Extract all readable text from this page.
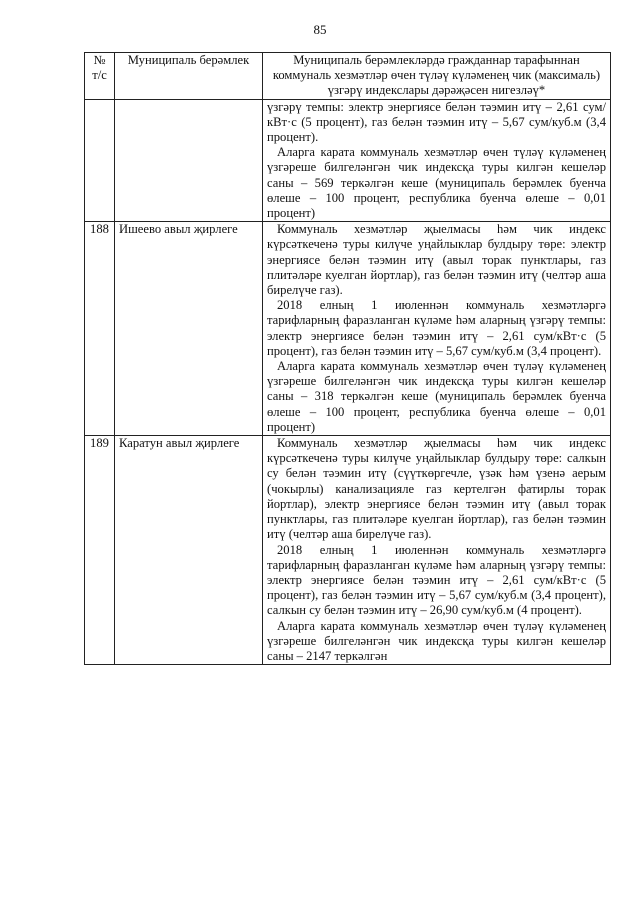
85
№ т/с	Муниципаль берәмлек	Муниципаль берәмлекләрдә гражданнар тарафыннан коммуналь хезмәтләр өчен түләү күләменең чик (максималь) үзгәрү индекслары дәрәҗәсен нигезләү*

		үзгәрү темпы: электр энергиясе белән тәэмин итү – 2,61 сум/кВт·с (5 процент), газ белән тәэмин итү – 5,67 сум/куб.м (3,4 процент).

Аларга карата коммуналь хезмәтләр өчен түләү күләменең үзгәреше билгеләнгән чик индексқа туры килгән кешеләр саны – 569 теркәлгән кеше (муниципаль берәмлек буенча өлеше – 100 процент, республика буенча өлеше – 0,01 процент)

188	Ишеево авыл җирлеге	Коммуналь хезмәтләр җыелмасы һәм чик индекс күрсәткеченә туры килүче уңайлыклар булдыру төре: электр энергиясе белән тәэмин итү (авыл торак пунктлары, газ плитәләре куелган йортлар), газ белән тәэмин итү (челтәр аша бирелүче газ).

2018 елның 1 июленнән коммуналь хезмәтләргә тарифларның фаразланган күләме һәм аларның үзгәрү темпы: электр энергиясе белән тәэмин итү – 2,61 сум/кВт·с (5 процент), газ белән тәэмин итү – 5,67 сум/куб.м (3,4 процент).

Аларга карата коммуналь хезмәтләр өчен түләү күләменең үзгәреше билгеләнгән чик индексқа туры килгән кешеләр саны – 318 теркәлгән кеше (муниципаль берәмлек буенча өлеше – 100 процент, республика буенча өлеше – 0,01 процент)

189	Каратун авыл җирлеге	Коммуналь хезмәтләр җыелмасы һәм чик индекс күрсәткеченә туры килүче уңайлыклар булдыру төре: салкын су белән тәэмин итү (сүүткөргечле, үзәк һәм үзенә аерым (чокырлы) канализацияле газ кертелгән фатирлы торак йортлар), электр энергиясе белән тәэмин итү (авыл торак пунктлары, газ плитәләре куелган йортлар), газ белән тәэмин итү (челтәр аша бирелүче газ).

2018 елның 1 июленнән коммуналь хезмәтләргә тарифларның фаразланган күләме һәм аларның үзгәрү темпы: электр энергиясе белән тәэмин итү – 2,61 сум/кВт·с (5 процент), газ белән тәэмин итү – 5,67 сум/куб.м (3,4 процент), салкын су белән тәэмин итү – 26,90 сум/куб.м (4 процент).

Аларга карата коммуналь хезмәтләр өчен түләү күләменең үзгәреше билгеләнгән чик индексқа туры килгән кешеләр саны – 2147 теркәлгән
